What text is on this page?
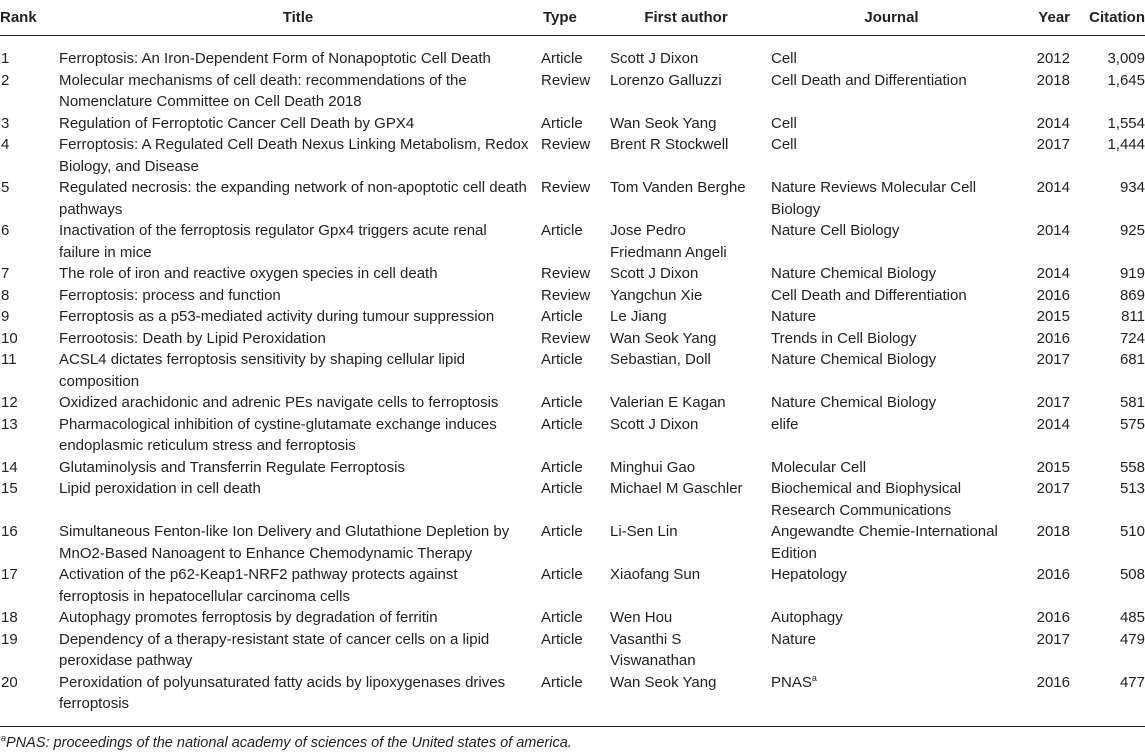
Rank	Title	Type	First author	Journal	Year	Citation
1	Ferroptosis: An Iron-Dependent Form of Nonapoptotic Cell Death	Article	Scott J Dixon	Cell	2012	3,009
2	Molecular mechanisms of cell death: recommendations of the Nomenclature Committee on Cell Death 2018	Review	Lorenzo Galluzzi	Cell Death and Differentiation	2018	1,645
3	Regulation of Ferroptotic Cancer Cell Death by GPX4	Article	Wan Seok Yang	Cell	2014	1,554
4	Ferroptosis: A Regulated Cell Death Nexus Linking Metabolism, Redox Biology, and Disease	Review	Brent R Stockwell	Cell	2017	1,444
5	Regulated necrosis: the expanding network of non-apoptotic cell death pathways	Review	Tom Vanden Berghe	Nature Reviews Molecular Cell Biology	2014	934
6	Inactivation of the ferroptosis regulator Gpx4 triggers acute renal failure in mice	Article	Jose Pedro Friedmann Angeli	Nature Cell Biology	2014	925
7	The role of iron and reactive oxygen species in cell death	Review	Scott J Dixon	Nature Chemical Biology	2014	919
8	Ferroptosis: process and function	Review	Yangchun Xie	Cell Death and Differentiation	2016	869
9	Ferroptosis as a p53-mediated activity during tumour suppression	Article	Le Jiang	Nature	2015	811
10	Ferrootosis: Death by Lipid Peroxidation	Review	Wan Seok Yang	Trends in Cell Biology	2016	724
11	ACSL4 dictates ferroptosis sensitivity by shaping cellular lipid composition	Article	Sebastian, Doll	Nature Chemical Biology	2017	681
12	Oxidized arachidonic and adrenic PEs navigate cells to ferroptosis	Article	Valerian E Kagan	Nature Chemical Biology	2017	581
13	Pharmacological inhibition of cystine-glutamate exchange induces endoplasmic reticulum stress and ferroptosis	Article	Scott J Dixon	elife	2014	575
14	Glutaminolysis and Transferrin Regulate Ferroptosis	Article	Minghui Gao	Molecular Cell	2015	558
15	Lipid peroxidation in cell death	Article	Michael M Gaschler	Biochemical and Biophysical Research Communications	2017	513
16	Simultaneous Fenton-like Ion Delivery and Glutathione Depletion by MnO2-Based Nanoagent to Enhance Chemodynamic Therapy	Article	Li-Sen Lin	Angewandte Chemie-International Edition	2018	510
17	Activation of the p62-Keap1-NRF2 pathway protects against ferroptosis in hepatocellular carcinoma cells	Article	Xiaofang Sun	Hepatology	2016	508
18	Autophagy promotes ferroptosis by degradation of ferritin	Article	Wen Hou	Autophagy	2016	485
19	Dependency of a therapy-resistant state of cancer cells on a lipid peroxidase pathway	Article	Vasanthi S Viswanathan	Nature	2017	479
20	Peroxidation of polyunsaturated fatty acids by lipoxygenases drives ferroptosis	Article	Wan Seok Yang	PNAS$^a$	2016	477
$^a$PNAS: proceedings of the national academy of sciences of the United states of america.
